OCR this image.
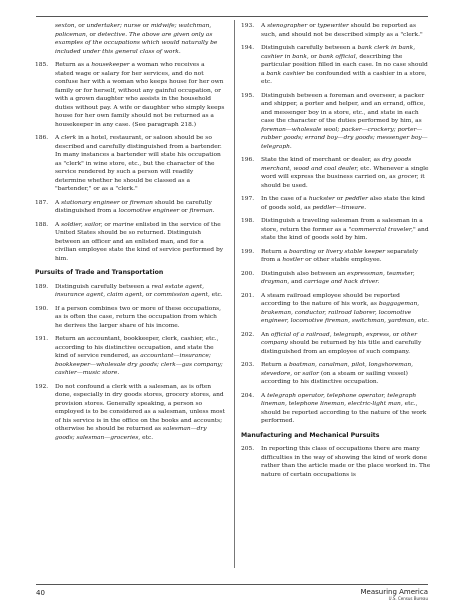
sexton, or undertaker; nurse or midwife; watchman, policeman, or detective. The above are given only as examples of the occupations which would naturally be included under this general class of work.
185.	Return as a housekeeper a woman who receives a stated wage or salary for her services, and do not confuse her with a woman who keeps house for her own family or for herself, without any gainful occupation, or with a grown daughter who assists in the household duties without pay. A wife or daughter who simply keeps house for her own family should not be returned as a housekeeper in any case. (See paragraph 218.)
186.	A clerk in a hotel, restaurant, or saloon should be so described and carefully distinguished from a bartender. In many instances a bartender will state his occupation as "clerk" in wine store, etc., but the character of the service rendered by such a person will readily determine whether he should be classed as a "bartender," or as a "clerk."
187.	A stationary engineer or fireman should be carefully distinguished from a locomotive engineer or fireman.
188.	A soldier, sailor, or marine enlisted in the service of the United States should be so returned. Distinguish between an officer and an enlisted man, and for a civilian employee state the kind of service performed by him.
Pursuits of Trade and Transportation
189.	Distinguish carefully between a real estate agent, insurance agent, claim agent, or commission agent, etc.
190.	If a person combines two or more of these occupations, as is often the case, return the occupation from which he derives the larger share of his income.
191.	Return an accountant, bookkeeper, clerk, cashier, etc., according to his distinctive occupation, and state the kind of service rendered, as accountant—insurance; bookkeeper—wholesale dry goods; clerk—gas company; cashier—music store.
192.	Do not confound a clerk with a salesman, as is often done, especially in dry goods stores, grocery stores, and provision stores. Generally speaking, a person so employed is to be considered as a salesman, unless most of his service is in the office on the books and accounts; otherwise he should be returned as salesman—dry goods; salesman—groceries, etc.
193.	A stenographer or typewriter should be reported as such, and should not be described simply as a "clerk."
194.	Distinguish carefully between a bank clerk in bank, cashier in bank, or bank official, describing the particular position filled in each case. In no case should a bank cashier be confounded with a cashier in a store, etc.
195.	Distinguish between a foreman and overseer, a packer and shipper, a porter and helper, and an errand, office, and messenger boy in a store, etc., and state in each case the character of the duties performed by him, as foreman—wholesale wool; packer—crockery; porter—rubber goods; errand boy—dry goods; messenger boy—telegraph.
196.	State the kind of merchant or dealer, as dry goods merchant, wood and coal dealer, etc. Whenever a single word will express the business carried on, as grocer, it should be used.
197.	In the case of a huckster or peddler also state the kind of goods sold, as peddler—tinware.
198.	Distinguish a traveling salesman from a salesman in a store, return the former as a "commercial traveler," and state the kind of goods sold by him.
199.	Return a boarding or livery stable keeper separately from a hostler or other stable employee.
200.	Distinguish also between an expressman, teamster, drayman, and carriage and hack driver.
201.	A steam railroad employee should be reported according to the nature of his work, as baggageman, brakeman, conductor, railroad laborer, locomotive engineer, locomotive fireman, switchman, yardman, etc.
202.	An official of a railroad, telegraph, express, or other company should be returned by his title and carefully distinguished from an employee of such company.
203.	Return a boatman, canalman, pilot, longshoreman, stevedore, or sailor (on a steam or sailing vessel) according to his distinctive occupation.
204.	A telegraph operator, telephone operator, telegraph lineman, telephone lineman, electric-light man, etc., should be reported according to the nature of the work performed.
Manufacturing and Mechanical Pursuits
205.	In reporting this class of occupations there are many difficulties in the way of showing the kind of work done rather than the article made or the place worked in. The nature of certain occupations is
40	Measuring America
U.S. Census Bureau
